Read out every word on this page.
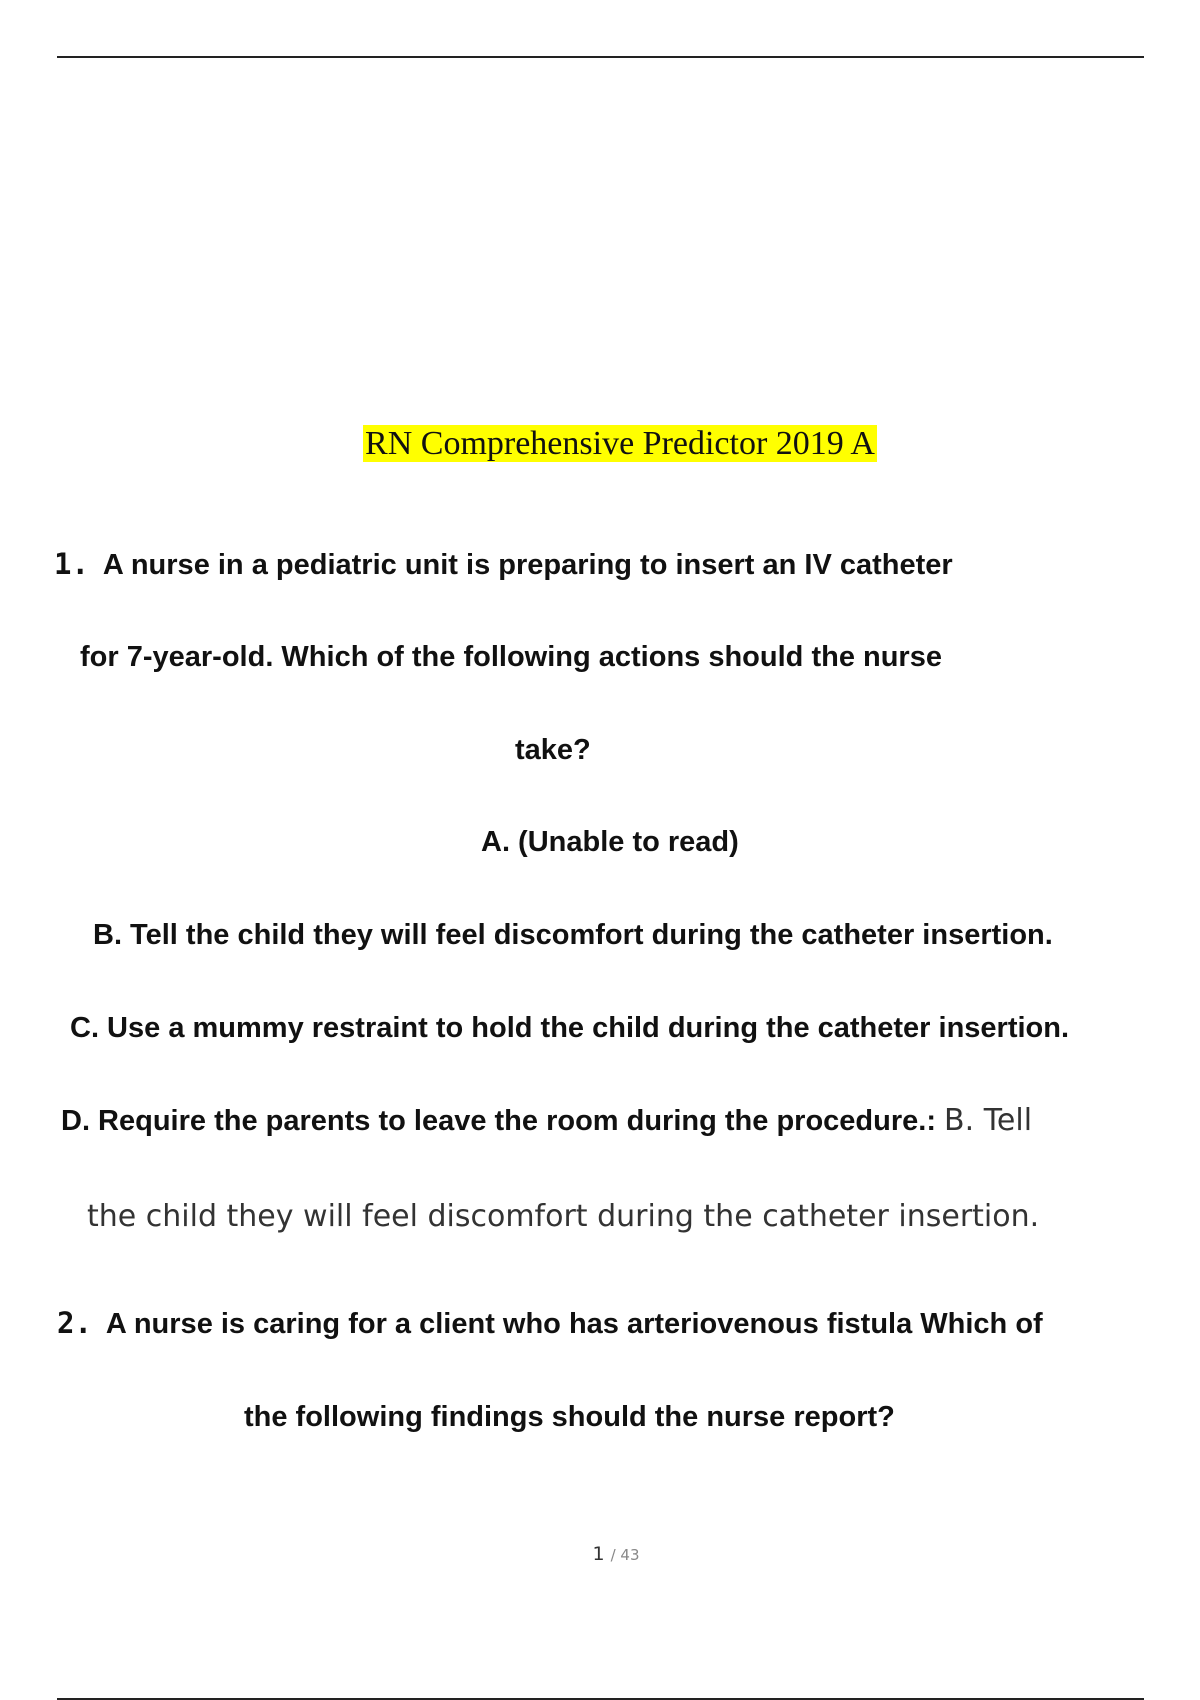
RN Comprehensive Predictor 2019 A
1. A nurse in a pediatric unit is preparing to insert an IV catheter
for 7-year-old. Which of the following actions should the nurse
take?
A. (Unable to read)
B. Tell the child they will feel discomfort during the catheter insertion.
C. Use a mummy restraint to hold the child during the catheter insertion.
D. Require the parents to leave the room during the procedure.: B. Tell
the child they will feel discomfort during the catheter insertion.
2. A nurse is caring for a client who has arteriovenous fistula Which of
the following findings should the nurse report?
1 / 43
